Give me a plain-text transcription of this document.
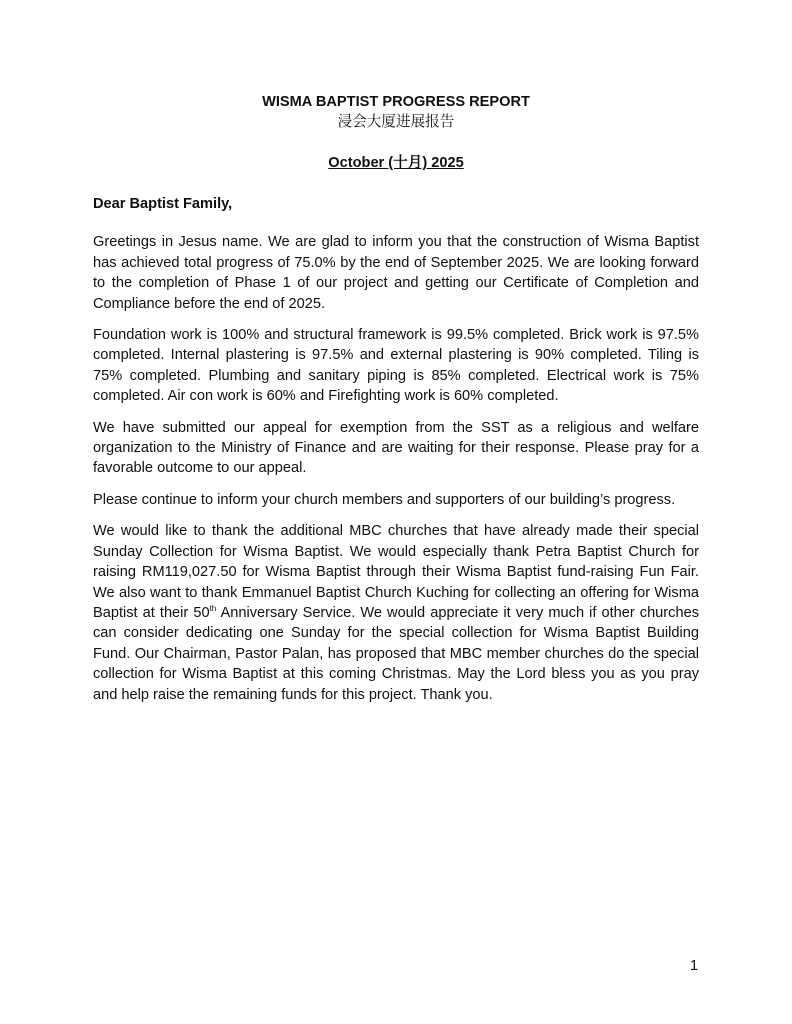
WISMA BAPTIST PROGRESS REPORT
浸会大厦进展报告
October (十月) 2025

Dear Baptist Family,

Greetings in Jesus name. We are glad to inform you that the construction of Wisma Baptist has achieved total progress of 75.0% by the end of September 2025. We are looking forward to the completion of Phase 1 of our project and getting our Certificate of Completion and Compliance before the end of 2025.

Foundation work is 100% and structural framework is 99.5% completed. Brick work is 97.5% completed. Internal plastering is 97.5% and external plastering is 90% completed. Tiling is 75% completed. Plumbing and sanitary piping is 85% completed. Electrical work is 75% completed. Air con work is 60% and Firefighting work is 60% completed.

We have submitted our appeal for exemption from the SST as a religious and welfare organization to the Ministry of Finance and are waiting for their response. Please pray for a favorable outcome to our appeal.

Please continue to inform your church members and supporters of our building’s progress.

We would like to thank the additional MBC churches that have already made their special Sunday Collection for Wisma Baptist. We would especially thank Petra Baptist Church for raising RM119,027.50 for Wisma Baptist through their Wisma Baptist fund-raising Fun Fair. We also want to thank Emmanuel Baptist Church Kuching for collecting an offering for Wisma Baptist at their 50th Anniversary Service. We would appreciate it very much if other churches can consider dedicating one Sunday for the special collection for Wisma Baptist Building Fund. Our Chairman, Pastor Palan, has proposed that MBC member churches do the special collection for Wisma Baptist at this coming Christmas. May the Lord bless you as you pray and help raise the remaining funds for this project. Thank you.

1
